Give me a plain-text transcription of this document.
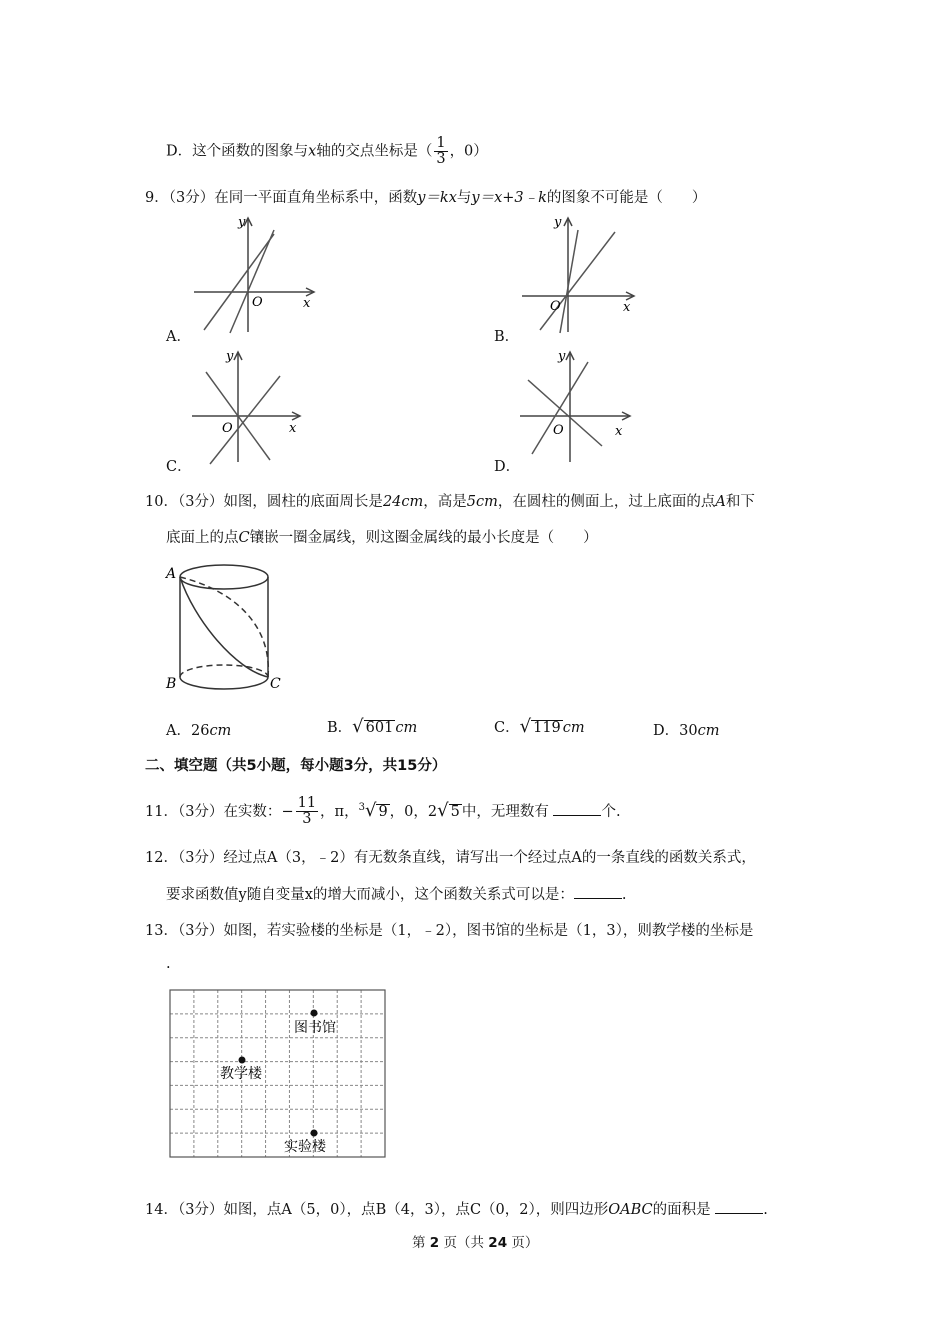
D．这个函数的图象与x轴的交点坐标是（ $\frac{1}{3}$ ，0）
9．（3分）在同一平面直角坐标系中，函数y＝kx与y＝x+3﹣k的图象不可能是（　　）
y
x
O
A．
y
x
O
B．
y
x
O
C．
y
x
O
D．
10．（3分）如图，圆柱的底面周长是24cm，高是5cm，在圆柱的侧面上，过上底面的点A和下
底面上的点C镶嵌一圈金属线，则这圈金属线的最小长度是（　　）
A
B	C
A．26cm	B．√ 601 cm	C．√ 119 cm	D．30cm
二、填空题（共5小题，每小题3分，共15分）
11．（3分）在实数：− $\frac{11}{3}$ ，π，$^3$√ 9 ，0，2√ 5 中，无理数有	个.
12．（3分）经过点A（3，﹣2）有无数条直线，请写出一个经过点A的一条直线的函数关系式，
要求函数值y随自变量x的增大而减小，这个函数关系式可以是：	.
13．（3分）如图，若实验楼的坐标是（1，﹣2），图书馆的坐标是（1，3），则教学楼的坐标是
.
图书馆
教学楼
实验楼
14．（3分）如图，点A（5，0），点B（4，3），点C（0，2），则四边形OABC的面积是	.
第 2 页（共 24 页）
